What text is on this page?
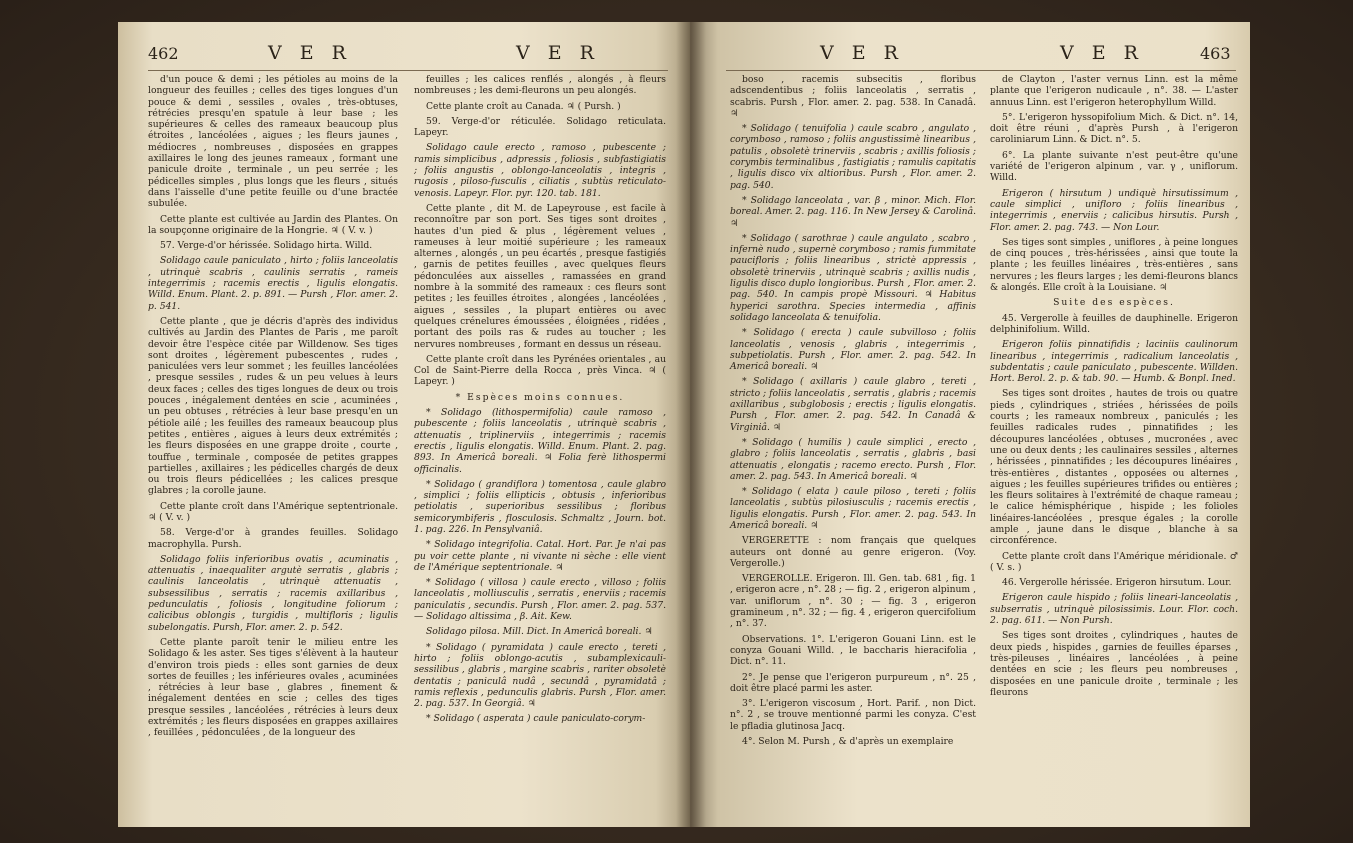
462	V E R	V E R

d'un pouce & demi ; les pétioles au moins de la longueur des feuilles ; celles des tiges longues d'un pouce & demi , sessiles , ovales , très-obtuses, rétrécies presqu'en spatule à leur base ; les supérieures & celles des rameaux beaucoup plus étroites , lancéolées , aigues ; les fleurs jaunes , médiocres , nombreuses , disposées en grappes axillaires le long des jeunes rameaux , formant une panicule droite , terminale , un peu serrée ; les pédicelles simples , plus longs que les fleurs , situés dans l'aisselle d'une petite feuille ou d'une bractée subulée.

Cette plante est cultivée au Jardin des Plantes. On la soupçonne originaire de la Hongrie. ♃ ( V. v. )

57. Verge-d'or hérissée. Solidago hirta. Willd.

Solidago caule paniculato , hirto ; foliis lanceolatis , utrinquè scabris , caulinis serratis , rameis integerrimis ; racemis erectis , ligulis elongatis. Willd. Enum. Plant. 2. p. 891. — Pursh , Flor. amer. 2. p. 541.

Cette plante , que je décris d'après des individus cultivés au Jardin des Plantes de Paris , me paroît devoir être l'espèce citée par Willdenow. Ses tiges sont droites , légèrement pubescentes , rudes , paniculées vers leur sommet ; les feuilles lancéolées , presque sessiles , rudes & un peu velues à leurs deux faces ; celles des tiges longues de deux ou trois pouces , inégalement dentées en scie , acuminées , un peu obtuses , rétrécies à leur base presqu'en un pétiole ailé ; les feuilles des rameaux beaucoup plus petites , entières , aigues à leurs deux extrémités ; les fleurs disposées en une grappe droite , courte , touffue , terminale , composée de petites grappes partielles , axillaires ; les pédicelles chargés de deux ou trois fleurs pédicellées ; les calices presque glabres ; la corolle jaune.

Cette plante croît dans l'Amérique septentrionale. ♃ ( V. v. )

58. Verge-d'or à grandes feuilles. Solidago macrophylla. Pursh.

Solidago foliis inferioribus ovatis , acuminatis , attenuatis , inaequaliter argutè serratis , glabris ; caulinis lanceolatis , utrinquè attenuatis , subsessilibus , serratis ; racemis axillaribus , pedunculatis , foliosis , longitudine foliorum ; calicibus oblongis , turgidis , multifloris ; ligulis subelongatis. Pursh, Flor. amer. 2. p. 542.

Cette plante paroît tenir le milieu entre les Solidago & les aster. Ses tiges s'élèvent à la hauteur d'environ trois pieds : elles sont garnies de deux sortes de feuilles ; les inférieures ovales , acuminées , rétrécies à leur base , glabres , finement & inégalement dentées en scie ; celles des tiges presque sessiles , lancéolées , rétrécies à leurs deux extrémités ; les fleurs disposées en grappes axillaires , feuillées , pédonculées , de la longueur des

feuilles ; les calices renflés , alongés , à fleurs nombreuses ; les demi-fleurons un peu alongés.

Cette plante croît au Canada. ♃ ( Pursh. )

59. Verge-d'or réticulée. Solidago reticulata. Lapeyr.

Solidago caule erecto , ramoso , pubescente ; ramis simplicibus , adpressis , foliosis , subfastigiatis ; foliis angustis , oblongo-lanceolatis , integris , rugosis , piloso-fusculis , ciliatis , subtùs reticulato-venosis. Lapeyr. Flor. pyr. 120. tab. 181.

Cette plante , dit M. de Lapeyrouse , est facile à reconnoître par son port. Ses tiges sont droites , hautes d'un pied & plus , légèrement velues , rameuses à leur moitié supérieure ; les rameaux alternes , alongés , un peu écartés , presque fastigiés , garnis de petites feuilles , avec quelques fleurs pédonculées aux aisselles , ramassées en grand nombre à la sommité des rameaux : ces fleurs sont petites ; les feuilles étroites , alongées , lancéolées , aigues , sessiles , la plupart entières ou avec quelques crénelures émoussées , éloignées , ridées , portant des poils ras & rudes au toucher ; les nervures nombreuses , formant en dessus un réseau.

Cette plante croît dans les Pyrénées orientales , au Col de Saint-Pierre della Rocca , près Vinca. ♃ ( Lapeyr. )

* Espèces moins connues.

* Solidago (lithospermifolia) caule ramoso , pubescente ; foliis lanceolatis , utrinquè scabris , attenuatis , triplinerviis , integerrimis ; racemis erectis , ligulis elongatis. Willd. Enum. Plant. 2. pag. 893. In Americâ boreali. ♃ Folia ferè lithospermi officinalis.

* Solidago ( grandiflora ) tomentosa , caule glabro , simplici ; foliis ellipticis , obtusis , inferioribus petiolatis , superioribus sessilibus ; floribus semicorymbiferis , flosculosis. Schmaltz , Journ. bot. 1. pag. 226. In Pensylvaniâ.

* Solidago integrifolia. Catal. Hort. Par. Je n'ai pas pu voir cette plante , ni vivante ni sèche : elle vient de l'Amérique septentrionale. ♃

* Solidago ( villosa ) caule erecto , villoso ; foliis lanceolatis , molliusculis , serratis , enerviis ; racemis paniculatis , secundis. Pursh , Flor. amer. 2. pag. 537. — Solidago altissima , β. Ait. Kew.

Solidago pilosa. Mill. Dict. In Americâ boreali. ♃

* Solidago ( pyramidata ) caule erecto , tereti , hirto ; foliis oblongo-acutis , subamplexicauli-sessilibus , glabris , margine scabris , rariter obsoletè dentatis ; paniculâ nudâ , secundâ , pyramidatâ ; ramis reflexis , pedunculis glabris. Pursh , Flor. amer. 2. pag. 537. In Georgiâ. ♃

* Solidago ( asperata ) caule paniculato-corym-

V E R	V E R	463

boso , racemis subsecitis , floribus adscendentibus ; foliis lanceolatis , serratis , scabris. Pursh , Flor. amer. 2. pag. 538. In Canadâ. ♃

* Solidago ( tenuifolia ) caule scabro , angulato , corymboso , ramoso ; foliis angustissimè linearibus , patulis , obsoletè trinerviis , scabris ; axillis foliosis ; corymbis terminalibus , fastigiatis ; ramulis capitatis , ligulis disco vix altioribus. Pursh , Flor. amer. 2. pag. 540.

* Solidago lanceolata , var. β , minor. Mich. Flor. boreal. Amer. 2. pag. 116. In New Jersey & Carolinâ. ♃

* Solidago ( sarothrae ) caule angulato , scabro , infernè nudo , supernè corymboso ; ramis fummitate paucifloris ; foliis linearibus , strictè appressis , obsoletè trinerviis , utrinquè scabris ; axillis nudis , ligulis disco duplo longioribus. Pursh , Flor. amer. 2. pag. 540. In campis propè Missouri. ♃ Habitus hyperici sarothra. Species intermedia , affinis solidago lanceolata & tenuifolia.

* Solidago ( erecta ) caule subvilloso ; foliis lanceolatis , venosis , glabris , integerrimis , subpetiolatis. Pursh , Flor. amer. 2. pag. 542. In Americâ boreali. ♃

* Solidago ( axillaris ) caule glabro , tereti , stricto ; foliis lanceolatis , serratis , glabris ; racemis axillaribus , subglobosis ; erectis ; ligulis elongatis. Pursh , Flor. amer. 2. pag. 542. In Canadâ & Virginiâ. ♃

* Solidago ( humilis ) caule simplici , erecto , glabro ; foliis lanceolatis , serratis , glabris , basi attenuatis , elongatis ; racemo erecto. Pursh , Flor. amer. 2. pag. 543. In Americâ boreali. ♃

* Solidago ( elata ) caule piloso , tereti ; foliis lanceolatis , subtùs pilosiusculis ; racemis erectis , ligulis elongatis. Pursh , Flor. amer. 2. pag. 543. In Americâ boreali. ♃

VERGERETTE : nom français que quelques auteurs ont donné au genre erigeron. (Voy. Vergerolle.)

VERGEROLLE. Erigeron. Ill. Gen. tab. 681 , fig. 1 , erigeron acre , n°. 28 ; — fig. 2 , erigeron alpinum , var. uniflorum , n°. 30 ; — fig. 3 , erigeron gramineum , n°. 32 ; — fig. 4 , erigeron quercifolium , n°. 37.

Observations. 1°. L'erigeron Gouani Linn. est le conyza Gouani Willd. , le baccharis hieracifolia , Dict. n°. 11.

2°. Je pense que l'erigeron purpureum , n°. 25 , doit être placé parmi les aster.

3°. L'erigeron viscosum , Hort. Parif. , non Dict. n°. 2 , se trouve mentionné parmi les conyza. C'est le pfladia glutinosa Jacq.

4°. Selon M. Pursh , & d'après un exemplaire

de Clayton , l'aster vernus Linn. est la même plante que l'erigeron nudicaule , n°. 38. — L'aster annuus Linn. est l'erigeron heterophyllum Willd.

5°. L'erigeron hyssopifolium Mich. & Dict. n°. 14, doit être réuni , d'après Pursh , à l'erigeron caroliniarum Linn. & Dict. n°. 5.

6°. La plante suivante n'est peut-être qu'une variété de l'erigeron alpinum , var. γ , uniflorum. Willd.

Erigeron ( hirsutum ) undiquè hirsutissimum , caule simplici , unifloro ; foliis linearibus , integerrimis , enerviis ; calicibus hirsutis. Pursh , Flor. amer. 2. pag. 743. — Non Lour.

Ses tiges sont simples , uniflores , à peine longues de cinq pouces , très-hérissées , ainsi que toute la plante ; les feuilles linéaires , très-entières , sans nervures ; les fleurs larges ; les demi-fleurons blancs & alongés. Elle croît à la Louisiane. ♃

Suite des espèces.

45. Vergerolle à feuilles de dauphinelle. Erigeron delphinifolium. Willd.

Erigeron foliis pinnatifidis ; laciniis caulinorum linearibus , integerrimis , radicalium lanceolatis , subdentatis ; caule paniculato , pubescente. Willden. Hort. Berol. 2. p. & tab. 90. — Humb. & Bonpl. Ined.

Ses tiges sont droites , hautes de trois ou quatre pieds , cylindriques , striées , hérissées de poils courts ; les rameaux nombreux , paniculés ; les feuilles radicales rudes , pinnatifides ; les découpures lancéolées , obtuses , mucronées , avec une ou deux dents ; les caulinaires sessiles , alternes , hérissées , pinnatifides ; les découpures linéaires , très-entières , distantes , opposées ou alternes , aigues ; les feuilles supérieures trifides ou entières ; les fleurs solitaires à l'extrémité de chaque rameau ; le calice hémisphérique , hispide ; les folioles linéaires-lancéolées , presque égales ; la corolle ample , jaune dans le disque , blanche à sa circonférence.

Cette plante croît dans l'Amérique méridionale. ♂ ( V. s. )

46. Vergerolle hérissée. Erigeron hirsutum. Lour.

Erigeron caule hispido ; foliis lineari-lanceolatis , subserratis , utrinquè pilosissimis. Lour. Flor. coch. 2. pag. 611. — Non Pursh.

Ses tiges sont droites , cylindriques , hautes de deux pieds , hispides , garnies de feuilles éparses , très-pileuses , linéaires , lancéolées , à peine dentées en scie ; les fleurs peu nombreuses , disposées en une panicule droite , terminale ; les fleurons
